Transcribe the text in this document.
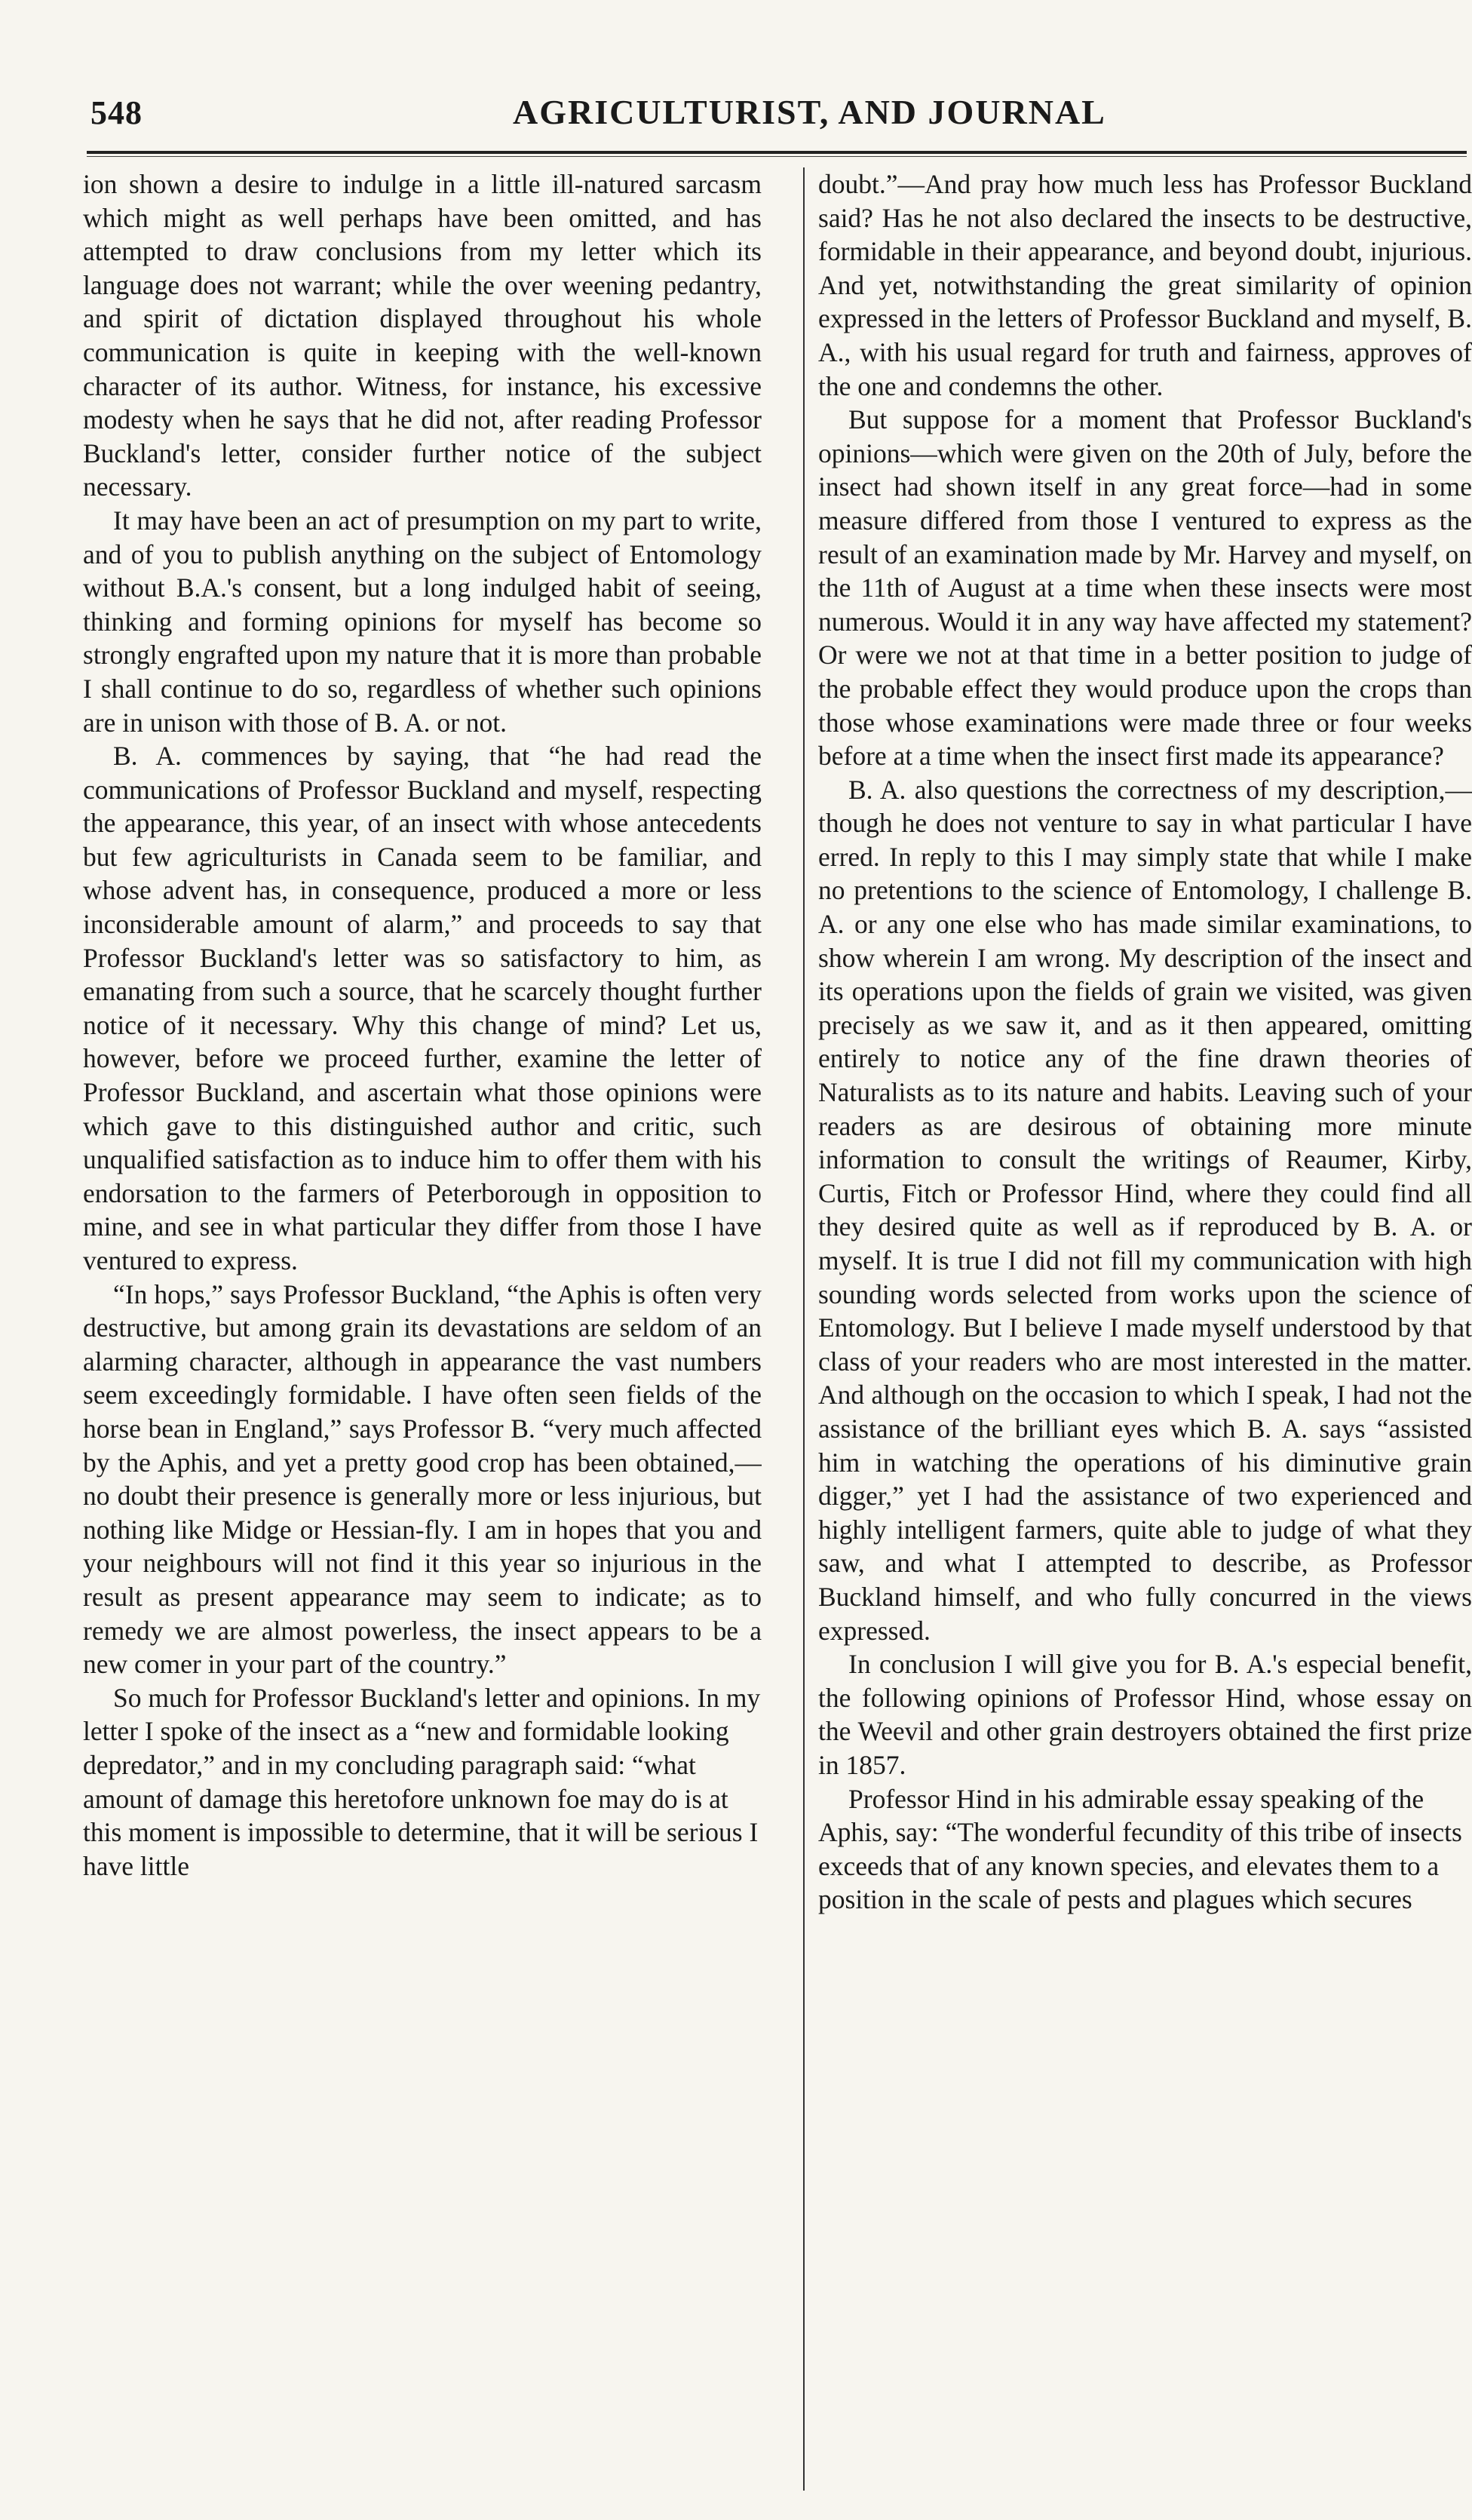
548	AGRICULTURIST, AND JOURNAL

ion shown a desire to indulge in a little ill-natured sarcasm which might as well perhaps have been omitted, and has attempted to draw conclusions from my letter which its language does not warrant; while the over weening pedantry, and spirit of dictation displayed throughout his whole communication is quite in keeping with the well-known character of its author. Witness, for instance, his excessive modesty when he says that he did not, after reading Professor Buckland's letter, consider further notice of the subject necessary.

It may have been an act of presumption on my part to write, and of you to publish anything on the subject of Entomology without B.A.'s consent, but a long indulged habit of seeing, thinking and forming opinions for myself has become so strongly engrafted upon my nature that it is more than probable I shall continue to do so, regardless of whether such opinions are in unison with those of B. A. or not.

B. A. commences by saying, that “he had read the communications of Professor Buckland and myself, respecting the appearance, this year, of an insect with whose antecedents but few agriculturists in Canada seem to be familiar, and whose advent has, in consequence, produced a more or less inconsiderable amount of alarm,” and proceeds to say that Professor Buckland's letter was so satisfactory to him, as emanating from such a source, that he scarcely thought further notice of it necessary. Why this change of mind? Let us, however, before we proceed further, examine the letter of Professor Buckland, and ascertain what those opinions were which gave to this distinguished author and critic, such unqualified satisfaction as to induce him to offer them with his endorsation to the farmers of Peterborough in opposition to mine, and see in what particular they differ from those I have ventured to express.

“In hops,” says Professor Buckland, “the Aphis is often very destructive, but among grain its devastations are seldom of an alarming character, although in appearance the vast numbers seem exceedingly formidable. I have often seen fields of the horse bean in England,” says Professor B. “very much affected by the Aphis, and yet a pretty good crop has been obtained,—no doubt their presence is generally more or less injurious, but nothing like Midge or Hessian-fly. I am in hopes that you and your neighbours will not find it this year so injurious in the result as present appearance may seem to indicate; as to remedy we are almost powerless, the insect appears to be a new comer in your part of the country.”

So much for Professor Buckland's letter and opinions. In my letter I spoke of the insect as a “new and formidable looking depredator,” and in my concluding paragraph said: “what amount of damage this heretofore unknown foe may do is at this moment is impossible to determine, that it will be serious I have little

doubt.”—And pray how much less has Professor Buckland said? Has he not also declared the insects to be destructive, formidable in their appearance, and beyond doubt, injurious. And yet, notwithstanding the great similarity of opinion expressed in the letters of Professor Buckland and myself, B. A., with his usual regard for truth and fairness, approves of the one and condemns the other.

But suppose for a moment that Professor Buckland's opinions—which were given on the 20th of July, before the insect had shown itself in any great force—had in some measure differed from those I ventured to express as the result of an examination made by Mr. Harvey and myself, on the 11th of August at a time when these insects were most numerous. Would it in any way have affected my statement? Or were we not at that time in a better position to judge of the probable effect they would produce upon the crops than those whose examinations were made three or four weeks before at a time when the insect first made its appearance?

B. A. also questions the correctness of my description,—though he does not venture to say in what particular I have erred. In reply to this I may simply state that while I make no pretentions to the science of Entomology, I challenge B. A. or any one else who has made similar examinations, to show wherein I am wrong. My description of the insect and its operations upon the fields of grain we visited, was given precisely as we saw it, and as it then appeared, omitting entirely to notice any of the fine drawn theories of Naturalists as to its nature and habits. Leaving such of your readers as are desirous of obtaining more minute information to consult the writings of Reaumer, Kirby, Curtis, Fitch or Professor Hind, where they could find all they desired quite as well as if reproduced by B. A. or myself. It is true I did not fill my communication with high sounding words selected from works upon the science of Entomology. But I believe I made myself understood by that class of your readers who are most interested in the matter. And although on the occasion to which I speak, I had not the assistance of the brilliant eyes which B. A. says “assisted him in watching the operations of his diminutive grain digger,” yet I had the assistance of two experienced and highly intelligent farmers, quite able to judge of what they saw, and what I attempted to describe, as Professor Buckland himself, and who fully concurred in the views expressed.

In conclusion I will give you for B. A.'s especial benefit, the following opinions of Professor Hind, whose essay on the Weevil and other grain destroyers obtained the first prize in 1857.

Professor Hind in his admirable essay speaking of the Aphis, say: “The wonderful fecundity of this tribe of insects exceeds that of any known species, and elevates them to a position in the scale of pests and plagues which secures
